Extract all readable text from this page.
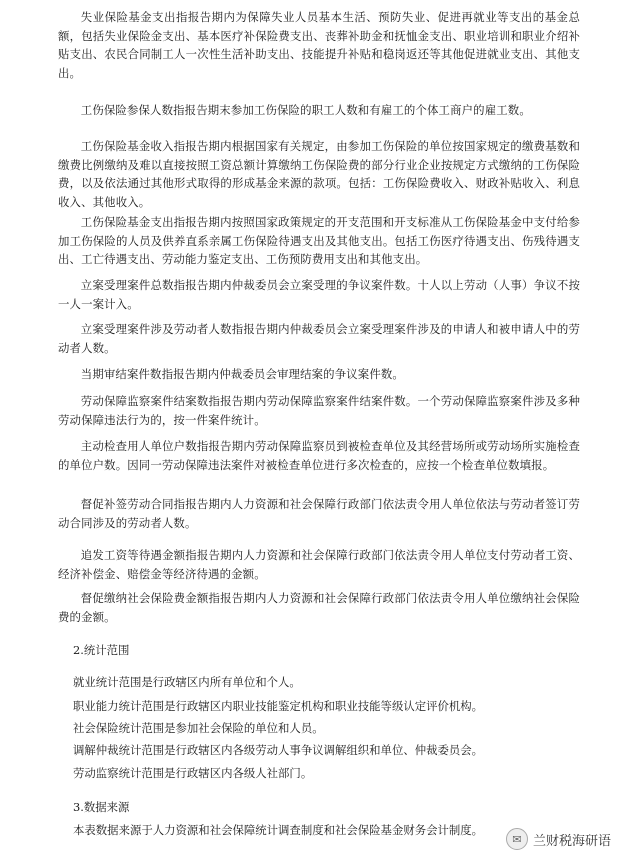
失业保险基金支出指报告期内为保障失业人员基本生活、预防失业、促进再就业等支出的基金总额，包括失业保险金支出、基本医疗补保险费支出、丧葬补助金和抚恤金支出、职业培训和职业介绍补贴支出、农民合同制工人一次性生活补助支出、技能提升补贴和稳岗返还等其他促进就业支出、其他支出。

工伤保险参保人数指报告期末参加工伤保险的职工人数和有雇工的个体工商户的雇工数。

工伤保险基金收入指报告期内根据国家有关规定，由参加工伤保险的单位按国家规定的缴费基数和缴费比例缴纳及难以直接按照工资总额计算缴纳工伤保险费的部分行业企业按规定方式缴纳的工伤保险费，以及依法通过其他形式取得的形成基金来源的款项。包括：工伤保险费收入、财政补贴收入、利息收入、其他收入。

工伤保险基金支出指报告期内按照国家政策规定的开支范围和开支标准从工伤保险基金中支付给参加工伤保险的人员及供养直系亲属工伤保险待遇支出及其他支出。包括工伤医疗待遇支出、伤残待遇支出、工亡待遇支出、劳动能力鉴定支出、工伤预防费用支出和其他支出。

立案受理案件总数指报告期内仲裁委员会立案受理的争议案件数。十人以上劳动（人事）争议不按一人一案计入。

立案受理案件涉及劳动者人数指报告期内仲裁委员会立案受理案件涉及的申请人和被申请人中的劳动者人数。

当期审结案件数指报告期内仲裁委员会审理结案的争议案件数。

劳动保障监察案件结案数指报告期内劳动保障监察案件结案件数。一个劳动保障监察案件涉及多种劳动保障违法行为的，按一件案件统计。

主动检查用人单位户数指报告期内劳动保障监察员到被检查单位及其经营场所或劳动场所实施检查的单位户数。因同一劳动保障违法案件对被检查单位进行多次检查的，应按一个检查单位数填报。

督促补签劳动合同指报告期内人力资源和社会保障行政部门依法责令用人单位依法与劳动者签订劳动合同涉及的劳动者人数。

追发工资等待遇金额指报告期内人力资源和社会保障行政部门依法责令用人单位支付劳动者工资、经济补偿金、赔偿金等经济待遇的金额。

督促缴纳社会保险费金额指报告期内人力资源和社会保障行政部门依法责令用人单位缴纳社会保险费的金额。

2.统计范围
就业统计范围是行政辖区内所有单位和个人。
职业能力统计范围是行政辖区内职业技能鉴定机构和职业技能等级认定评价机构。
社会保险统计范围是参加社会保险的单位和人员。
调解仲裁统计范围是行政辖区内各级劳动人事争议调解组织和单位、仲裁委员会。
劳动监察统计范围是行政辖区内各级人社部门。
3.数据来源
本表数据来源于人力资源和社会保障统计调查制度和社会保险基金财务会计制度。
✉ 兰财税海研语
